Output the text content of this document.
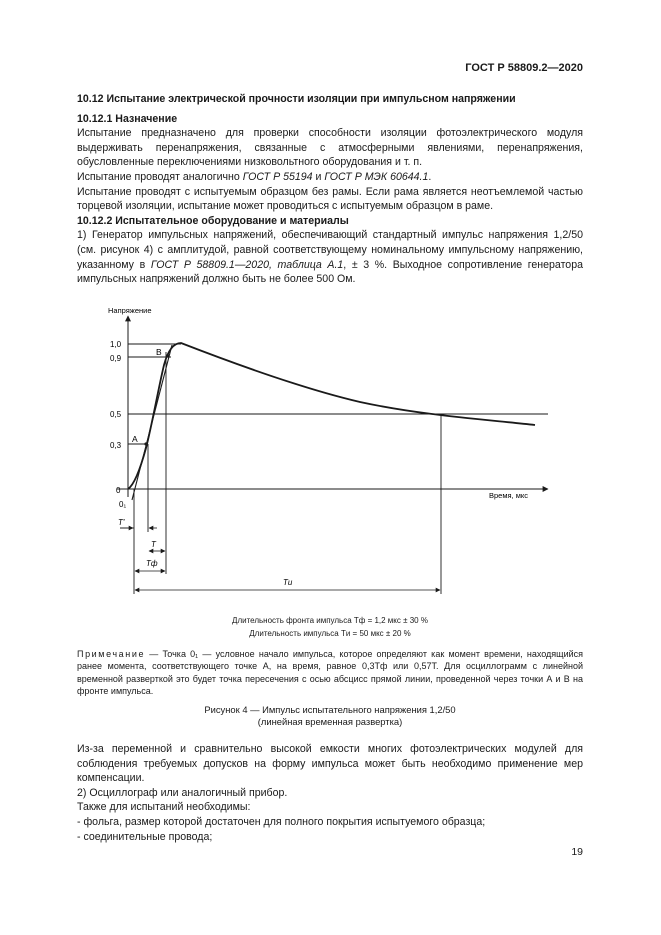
ГОСТ Р 58809.2—2020
10.12 Испытание электрической прочности изоляции при импульсном напряжении
10.12.1 Назначение
Испытание предназначено для проверки способности изоляции фотоэлектрического модуля выдерживать перенапряжения, связанные с атмосферными явлениями, перенапряжения, обусловленные переключениями низковольтного оборудования и т. п.
Испытание проводят аналогично ГОСТ Р 55194 и ГОСТ Р МЭК 60644.1.
Испытание проводят с испытуемым образцом без рамы. Если рама является неотъемлемой частью торцевой изоляции, испытание может проводиться с испытуемым образцом в раме.
10.12.2 Испытательное оборудование и материалы
1) Генератор импульсных напряжений, обеспечивающий стандартный импульс напряжения 1,2/50 (см. рисунок 4) с амплитудой, равной соответствующему номинальному импульсному напряжению, указанному в ГОСТ Р 58809.1—2020, таблица А.1, ± 3 %. Выходное сопротивление генератора импульсных напряжений должно быть не более 500 Ом.
Напряжение
Время, мкс
1,0
0,9
0,5
0,3
0
A
B
0₁
T'
T
Tф
Tи
Длительность фронта импульса Tф = 1,2 мкс ± 30 %
Длительность импульса Tи = 50 мкс ± 20 %
Примечание — Точка 0₁ — условное начало импульса, которое определяют как момент времени, находящийся ранее момента, соответствующего точке А, на время, равное 0,3Tф или 0,57T. Для осциллограмм с линейной временной разверткой это будет точка пересечения с осью абсцисс прямой линии, проведенной через точки А и В на фронте импульса.
Рисунок 4 — Импульс испытательного напряжения 1,2/50
(линейная временная развертка)
Из-за переменной и сравнительно высокой емкости многих фотоэлектрических модулей для соблюдения требуемых допусков на форму импульса может быть необходимо применение мер компенсации.
2) Осциллограф или аналогичный прибор.
Также для испытаний необходимы:
- фольга, размер которой достаточен для полного покрытия испытуемого образца;
- соединительные провода;
19
